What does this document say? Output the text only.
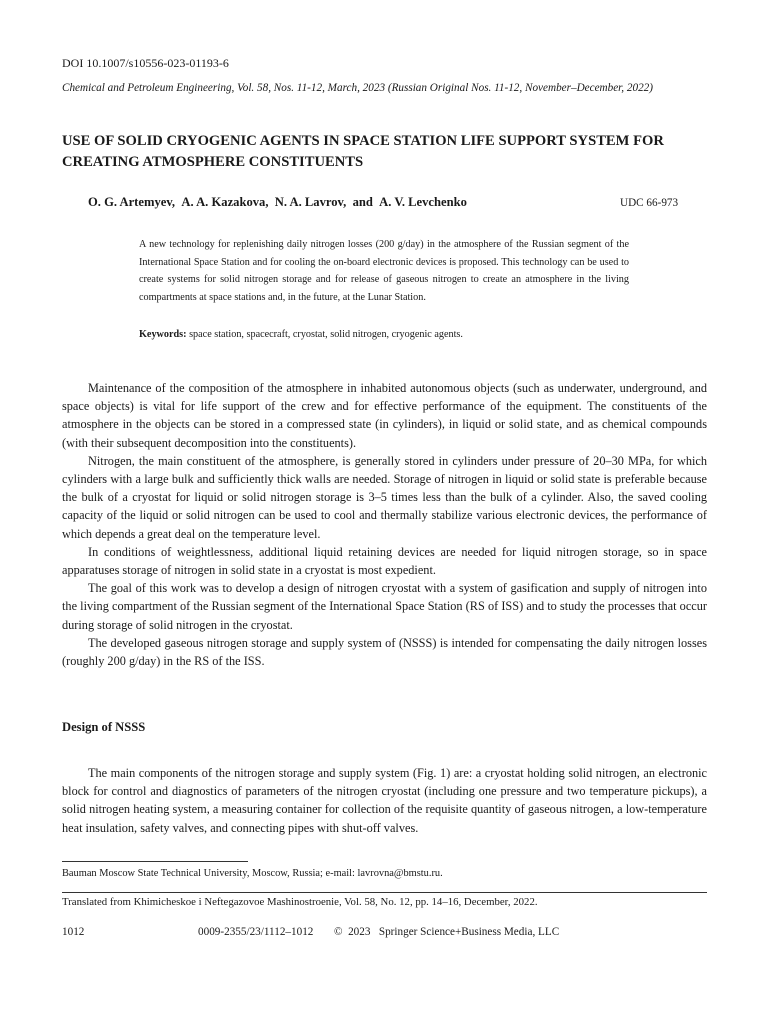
DOI 10.1007/s10556-023-01193-6
Chemical and Petroleum Engineering, Vol. 58, Nos. 11-12, March, 2023 (Russian Original Nos. 11-12, November–December, 2022)
USE OF SOLID CRYOGENIC AGENTS IN SPACE STATION LIFE SUPPORT SYSTEM FOR CREATING ATMOSPHERE CONSTITUENTS
O. G. Artemyev,  A. A. Kazakova,  N. A. Lavrov,  and  A. V. Levchenko	UDC 66-973

A new technology for replenishing daily nitrogen losses (200 g/day) in the atmosphere of the Russian segment of the International Space Station and for cooling the on-board electronic devices is proposed. This technology can be used to create systems for solid nitrogen storage and for release of gaseous nitrogen to create an atmosphere in the living compartments at space stations and, in the future, at the Lunar Station.

Keywords: space station, spacecraft, cryostat, solid nitrogen, cryogenic agents.

Maintenance of the composition of the atmosphere in inhabited autonomous objects (such as underwater, underground, and space objects) is vital for life support of the crew and for effective performance of the equipment. The constituents of the atmosphere in the objects can be stored in a compressed state (in cylinders), in liquid or solid state, and as chemical compounds (with their subsequent decomposition into the constituents).

Nitrogen, the main constituent of the atmosphere, is generally stored in cylinders under pressure of 20–30 MPa, for which cylinders with a large bulk and sufficiently thick walls are needed. Storage of nitrogen in liquid or solid state is preferable because the bulk of a cryostat for liquid or solid nitrogen storage is 3–5 times less than the bulk of a cylinder. Also, the saved cooling capacity of the liquid or solid nitrogen can be used to cool and thermally stabilize various electronic devices, the performance of which depends a great deal on the temperature level.

In conditions of weightlessness, additional liquid retaining devices are needed for liquid nitrogen storage, so in space apparatuses storage of nitrogen in solid state in a cryostat is most expedient.

The goal of this work was to develop a design of nitrogen cryostat with a system of gasification and supply of nitrogen into the living compartment of the Russian segment of the International Space Station (RS of ISS) and to study the processes that occur during storage of solid nitrogen in the cryostat.

The developed gaseous nitrogen storage and supply system of (NSSS) is intended for compensating the daily nitrogen losses (roughly 200 g/day) in the RS of the ISS.

Design of NSSS

The main components of the nitrogen storage and supply system (Fig. 1) are: a cryostat holding solid nitrogen, an electronic block for control and diagnostics of parameters of the nitrogen cryostat (including one pressure and two temperature pickups), a solid nitrogen heating system, a measuring container for collection of the requisite quantity of gaseous nitrogen, a low-temperature heat insulation, safety valves, and connecting pipes with shut-off valves.

Bauman Moscow State Technical University, Moscow, Russia; e-mail: lavrovna@bmstu.ru.
Translated from Khimicheskoe i Neftegazovoe Mashinostroenie, Vol. 58, No. 12, pp. 14–16, December, 2022.
1012	0009-2355/23/1112–1012 ©  2023   Springer Science+Business Media, LLC
